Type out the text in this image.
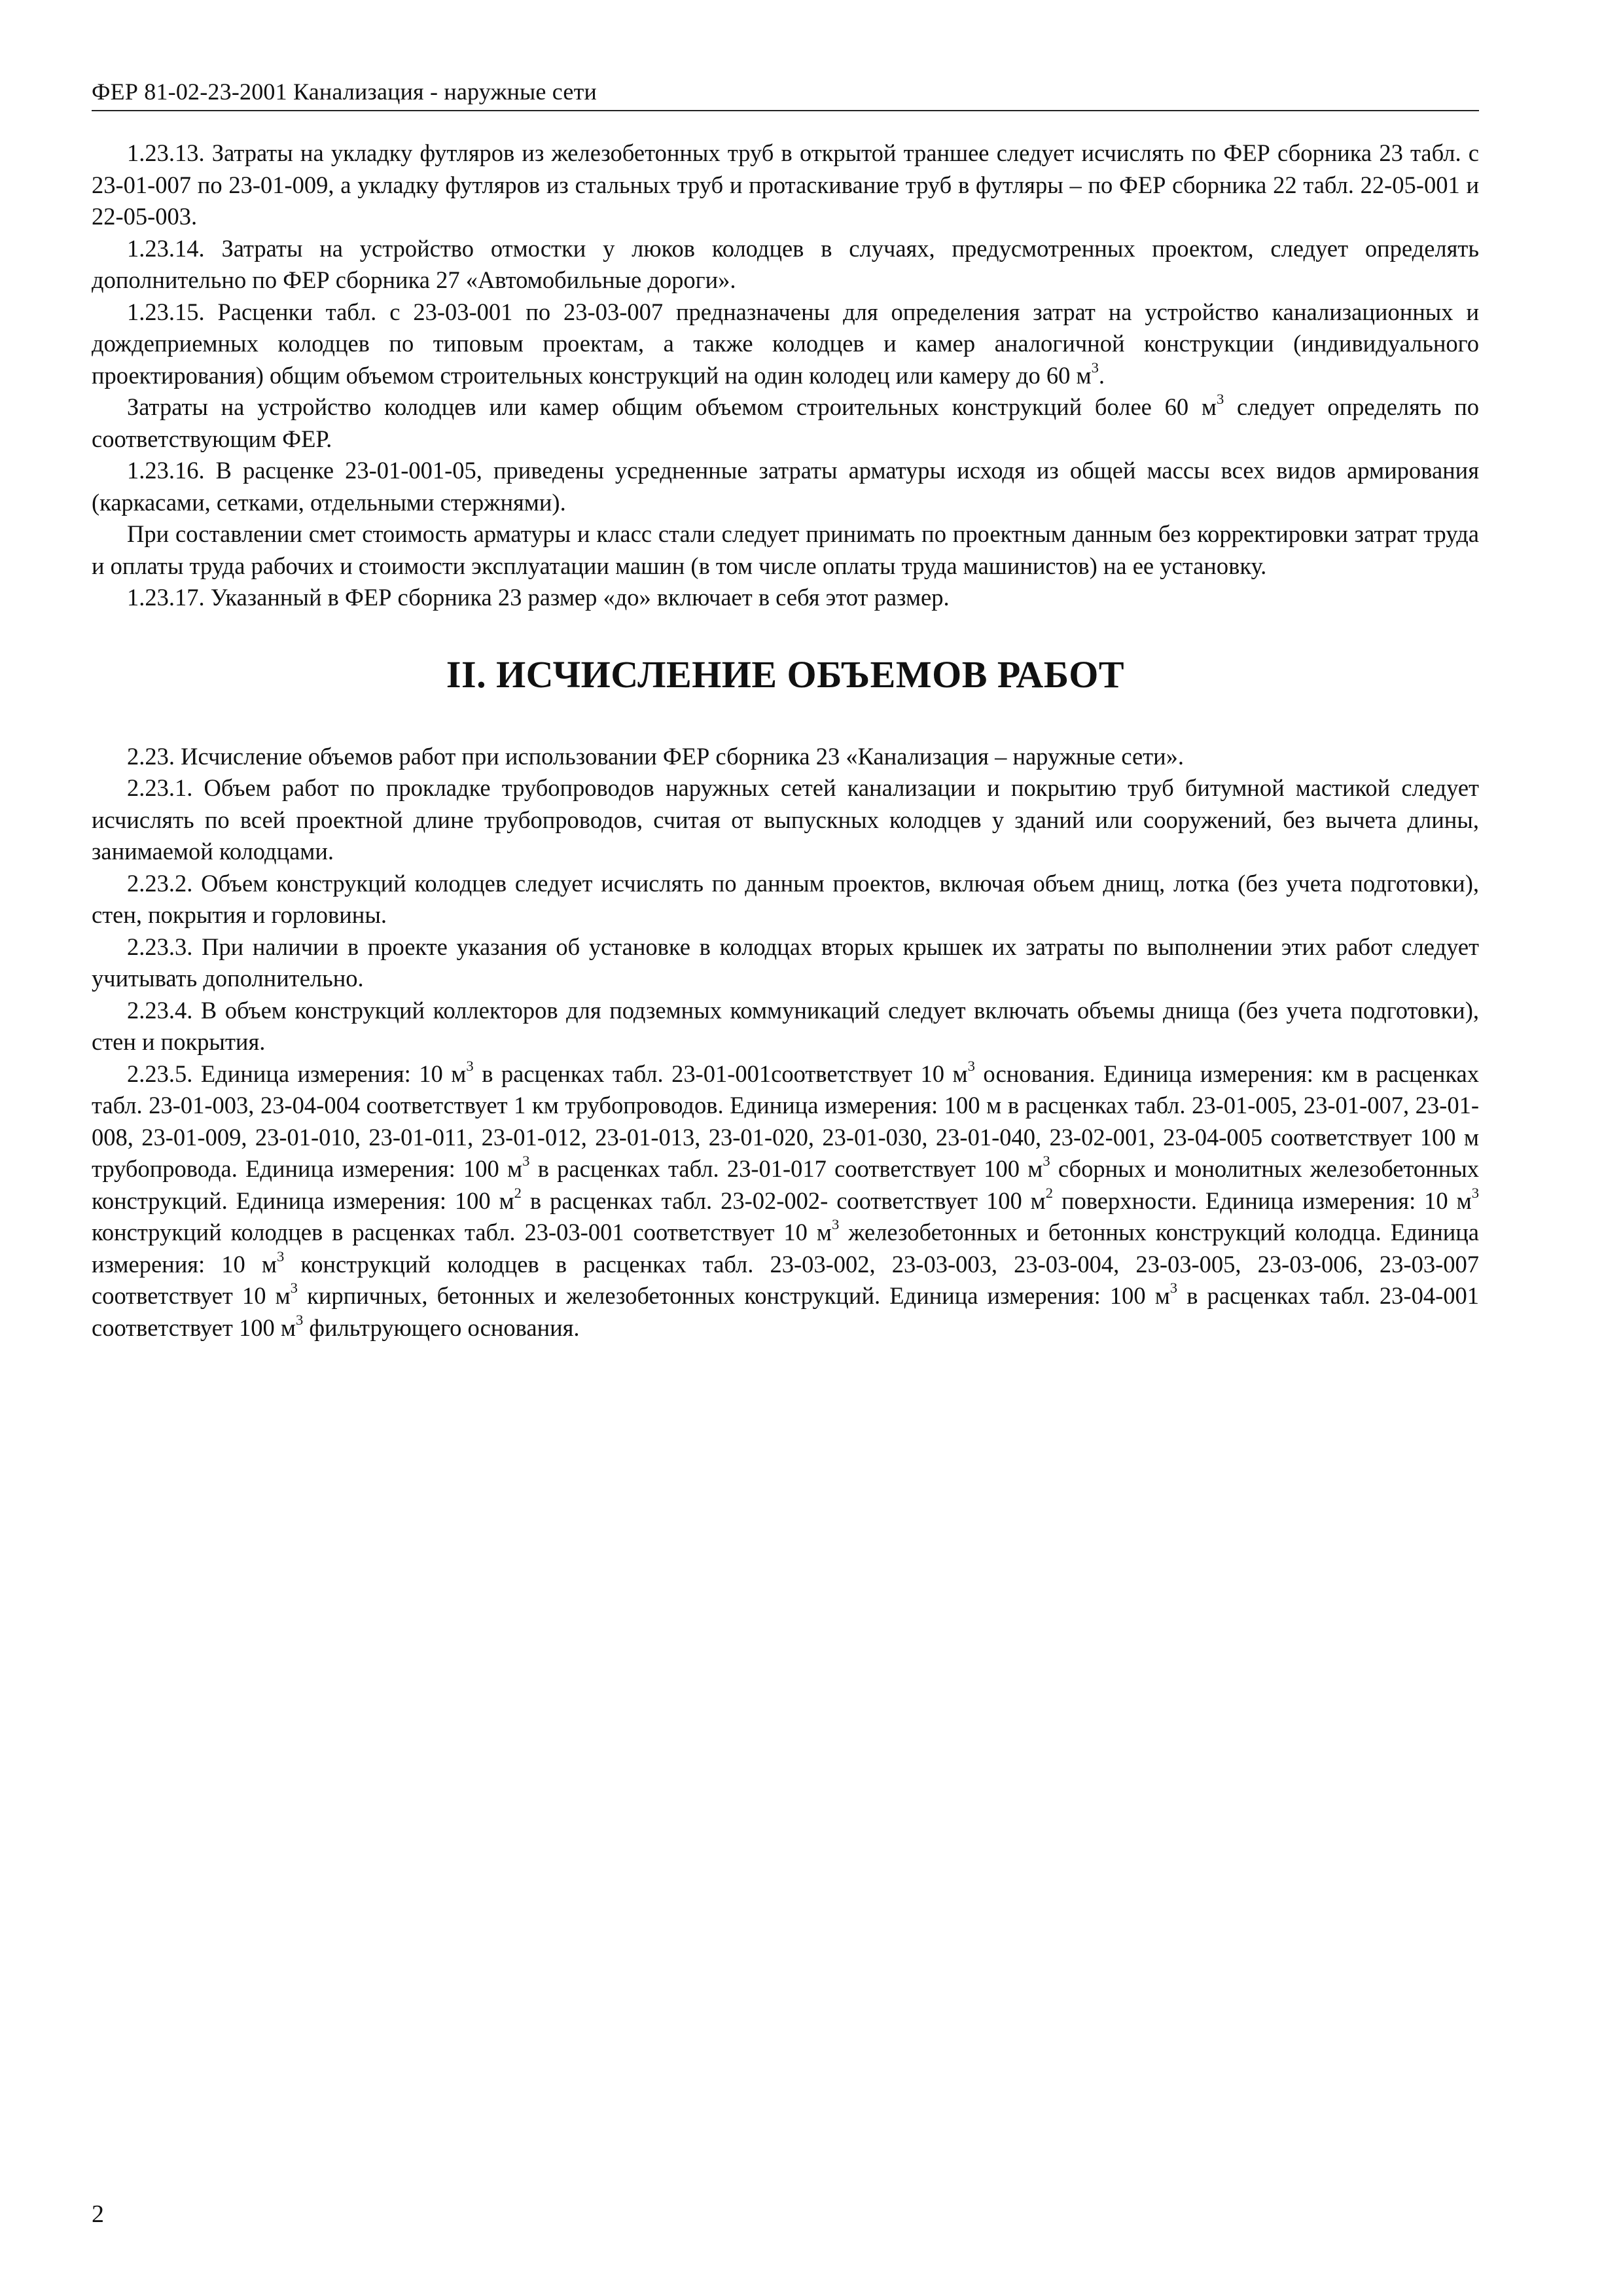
ФЕР 81-02-23-2001 Канализация - наружные сети

1.23.13. Затраты на укладку футляров из железобетонных труб в открытой траншее следует исчислять по ФЕР сборника 23 табл. с 23-01-007 по 23-01-009, а укладку футляров из стальных труб и протаскивание труб в футляры – по ФЕР сборника 22 табл. 22-05-001 и 22-05-003.

1.23.14. Затраты на устройство отмостки у люков колодцев в случаях, предусмотренных проектом, следует определять дополнительно по ФЕР сборника 27 «Автомобильные дороги».

1.23.15. Расценки табл. с 23-03-001 по 23-03-007 предназначены для определения затрат на устройство канализационных и дождеприемных колодцев по типовым проектам, а также колодцев и камер аналогичной конструкции (индивидуального проектирования) общим объемом строительных конструкций на один колодец или камеру до 60 $м^3$.

Затраты на устройство колодцев или камер общим объемом строительных конструкций более 60 $м^3$ следует определять по соответствующим ФЕР.

1.23.16. В расценке 23-01-001-05, приведены усредненные затраты арматуры исходя из общей массы всех видов армирования (каркасами, сетками, отдельными стержнями).

При составлении смет стоимость арматуры и класс стали следует принимать по проектным данным без корректировки затрат труда и оплаты труда рабочих и стоимости эксплуатации машин (в том числе оплаты труда машинистов) на ее установку.

1.23.17. Указанный в ФЕР сборника 23 размер «до» включает в себя этот размер.

II. ИСЧИСЛЕНИЕ ОБЪЕМОВ РАБОТ

2.23. Исчисление объемов работ при использовании ФЕР сборника 23 «Канализация – наружные сети».

2.23.1. Объем работ по прокладке трубопроводов наружных сетей канализации и покрытию труб битумной мастикой следует исчислять по всей проектной длине трубопроводов, считая от выпускных колодцев у зданий или сооружений, без вычета длины, занимаемой колодцами.

2.23.2. Объем конструкций колодцев следует исчислять по данным проектов, включая объем днищ, лотка (без учета подготовки), стен, покрытия и горловины.

2.23.3. При наличии в проекте указания об установке в колодцах вторых крышек их затраты по выполнении этих работ следует учитывать дополнительно.

2.23.4. В объем конструкций коллекторов для подземных коммуникаций следует включать объемы днища (без учета подготовки), стен и покрытия.

2.23.5. Единица измерения: 10 $м^3$ в расценках табл. 23-01-001соответствует 10 $м^3$ основания. Единица измерения: км в расценках табл. 23-01-003, 23-04-004 соответствует 1 км трубопроводов. Единица измерения: 100 м в расценках табл. 23-01-005, 23-01-007, 23-01-008, 23-01-009, 23-01-010, 23-01-011, 23-01-012, 23-01-013, 23-01-020, 23-01-030, 23-01-040, 23-02-001, 23-04-005 соответствует 100 м трубопровода. Единица измерения: 100 $м^3$ в расценках табл. 23-01-017 соответствует 100 $м^3$ сборных и монолитных железобетонных конструкций. Единица измерения: 100 $м^2$ в расценках табл. 23-02-002- соответствует 100 $м^2$ поверхности. Единица измерения: 10 $м^3$ конструкций колодцев в расценках табл. 23-03-001 соответствует 10 $м^3$ железобетонных и бетонных конструкций колодца. Единица измерения: 10 $м^3$ конструкций колодцев в расценках табл. 23-03-002, 23-03-003, 23-03-004, 23-03-005, 23-03-006, 23-03-007 соответствует 10 $м^3$ кирпичных, бетонных и железобетонных конструкций. Единица измерения: 100 $м^3$ в расценках табл. 23-04-001 соответствует 100 $м^3$ фильтрующего основания.

2
